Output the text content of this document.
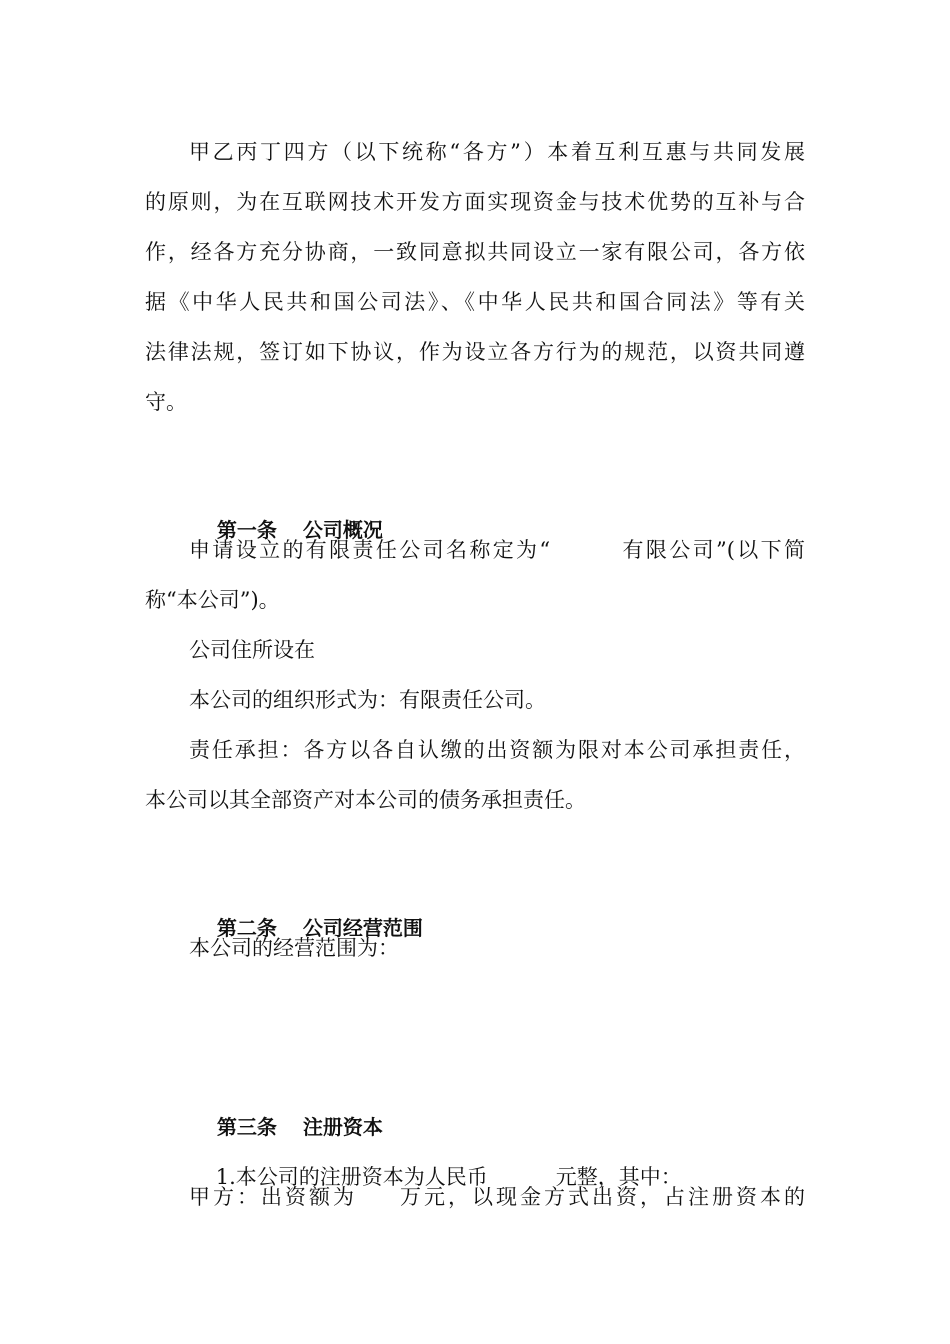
甲乙丙丁四方（以下统称“各方”）本着互利互惠与共同发展
的原则，为在互联网技术开发方面实现资金与技术优势的互补与合
作，经各方充分协商，一致同意拟共同设立一家有限公司，各方依
据《中华人民共和国公司法》、《中华人民共和国合同法》等有关
法律法规，签订如下协议，作为设立各方行为的规范，以资共同遵
守。

第一条 公司概况

申请设立的有限责任公司名称定为“	有限公司”(以下简
称“本公司”)。
公司住所设在
本公司的组织形式为：有限责任公司。
责任承担：各方以各自认缴的出资额为限对本公司承担责任，
本公司以其全部资产对本公司的债务承担责任。

第二条 公司经营范围

本公司的经营范围为：

第三条 注册资本

1.本公司的注册资本为人民币	元整，其中：

甲方：出资额为 万元，以现金方式出资，占注册资本的
